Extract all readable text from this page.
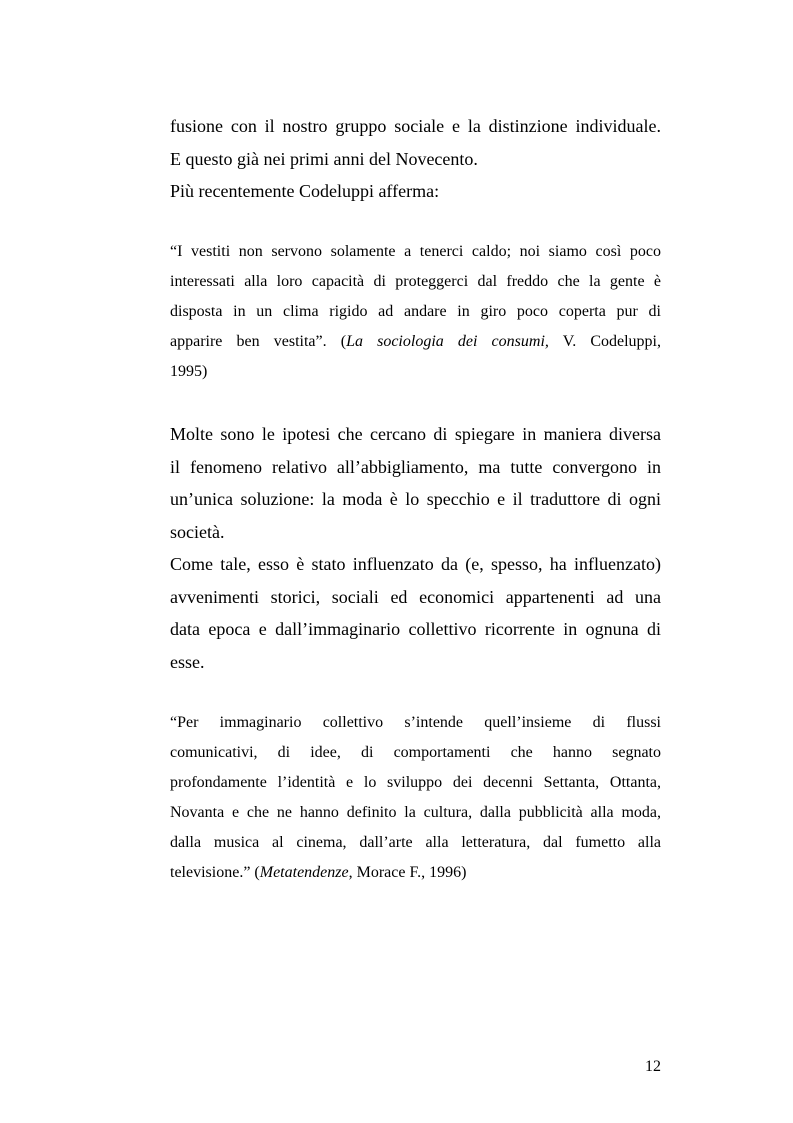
fusione con il nostro gruppo sociale e la distinzione individuale.
E questo già nei primi anni del Novecento.
Più recentemente Codeluppi afferma:

“I vestiti non servono solamente a tenerci caldo; noi siamo così poco
interessati alla loro capacità di proteggerci dal freddo che la gente è
disposta in un clima rigido ad andare in giro poco coperta pur di
apparire ben vestita”. (La sociologia dei consumi, V. Codeluppi,
1995)

Molte sono le ipotesi che cercano di spiegare in maniera diversa
il fenomeno relativo all’abbigliamento, ma tutte convergono in
un’unica soluzione: la moda è lo specchio e il traduttore di ogni
società.
Come tale, esso è stato influenzato da (e, spesso, ha influenzato)
avvenimenti storici, sociali ed economici appartenenti ad una
data epoca e dall’immaginario collettivo ricorrente in ognuna di
esse.

“Per immaginario collettivo s’intende quell’insieme di flussi
comunicativi, di idee, di comportamenti che hanno segnato
profondamente l’identità e lo sviluppo dei decenni Settanta, Ottanta,
Novanta e che ne hanno definito la cultura, dalla pubblicità alla moda,
dalla musica al cinema, dall’arte alla letteratura, dal fumetto alla
televisione.” (Metatendenze, Morace F., 1996)

12
